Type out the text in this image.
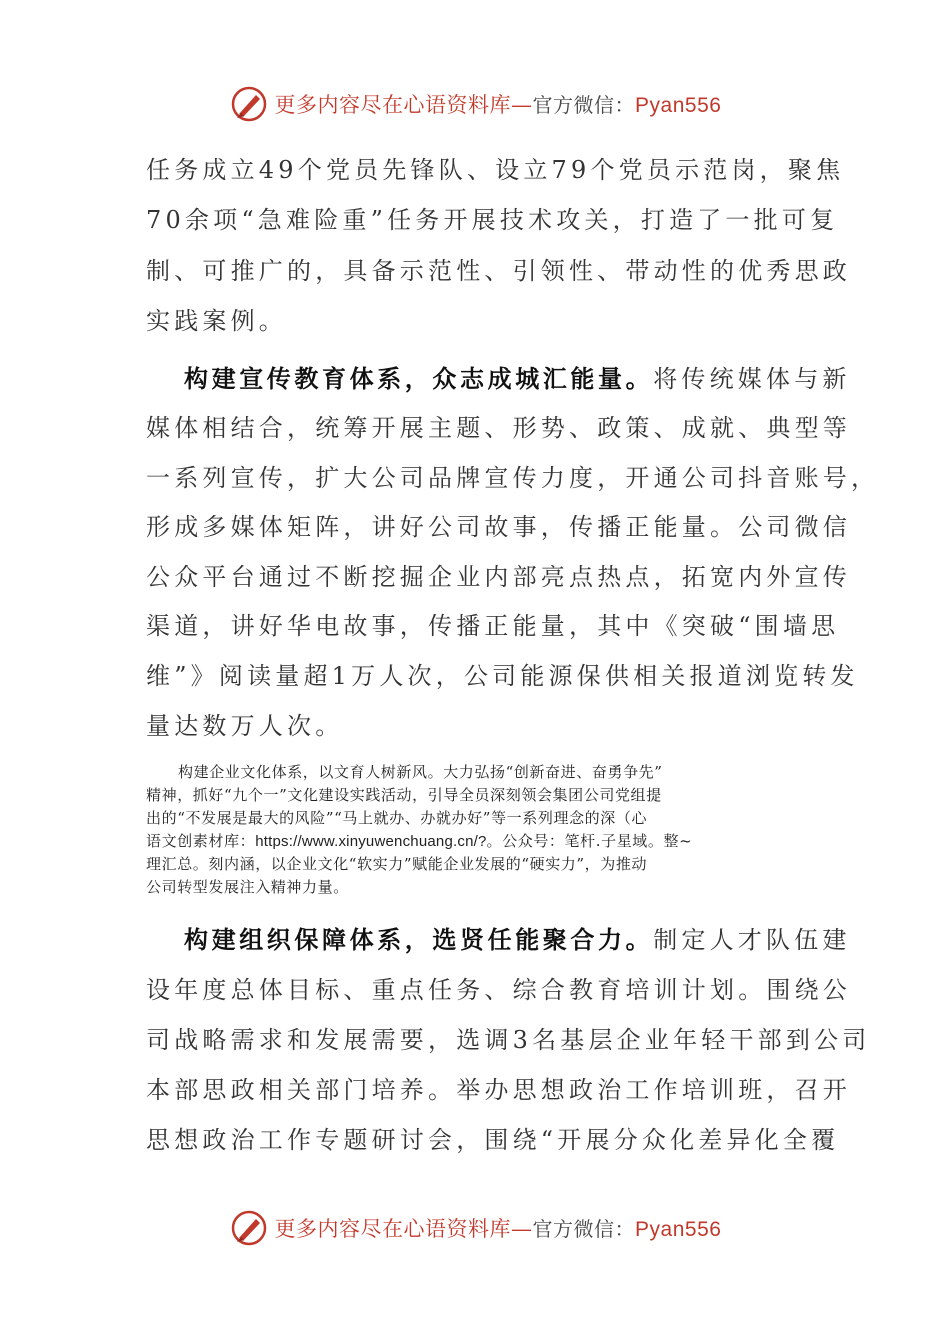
更多内容尽在心语资料库—官方微信：Pyan556
任务成立49个党员先锋队、设立79个党员示范岗，聚焦
70余项“急难险重”任务开展技术攻关，打造了一批可复
制、可推广的，具备示范性、引领性、带动性的优秀思政
实践案例。
构建宣传教育体系，众志成城汇能量。将传统媒体与新
媒体相结合，统筹开展主题、形势、政策、成就、典型等
一系列宣传，扩大公司品牌宣传力度，开通公司抖音账号，
形成多媒体矩阵，讲好公司故事，传播正能量。公司微信
公众平台通过不断挖掘企业内部亮点热点，拓宽内外宣传
渠道，讲好华电故事，传播正能量，其中《突破“围墙思
维”》阅读量超1万人次，公司能源保供相关报道浏览转发
量达数万人次。
构建企业文化体系，以文育人树新风。大力弘扬“创新奋进、奋勇争先”
精神，抓好“九个一”文化建设实践活动，引导全员深刻领会集团公司党组提
出的“不发展是最大的风险”“马上就办、办就办好”等一系列理念的深（心
语文创素材库：https://www.xinyuwenchuang.cn/?。公众号：笔杆.子星域。整~
理汇总。刻内涵，以企业文化“软实力”赋能企业发展的“硬实力”，为推动
公司转型发展注入精神力量。
构建组织保障体系，选贤任能聚合力。制定人才队伍建
设年度总体目标、重点任务、综合教育培训计划。围绕公
司战略需求和发展需要，选调3名基层企业年轻干部到公司
本部思政相关部门培养。举办思想政治工作培训班，召开
思想政治工作专题研讨会，围绕“开展分众化差异化全覆
更多内容尽在心语资料库—官方微信：Pyan556
